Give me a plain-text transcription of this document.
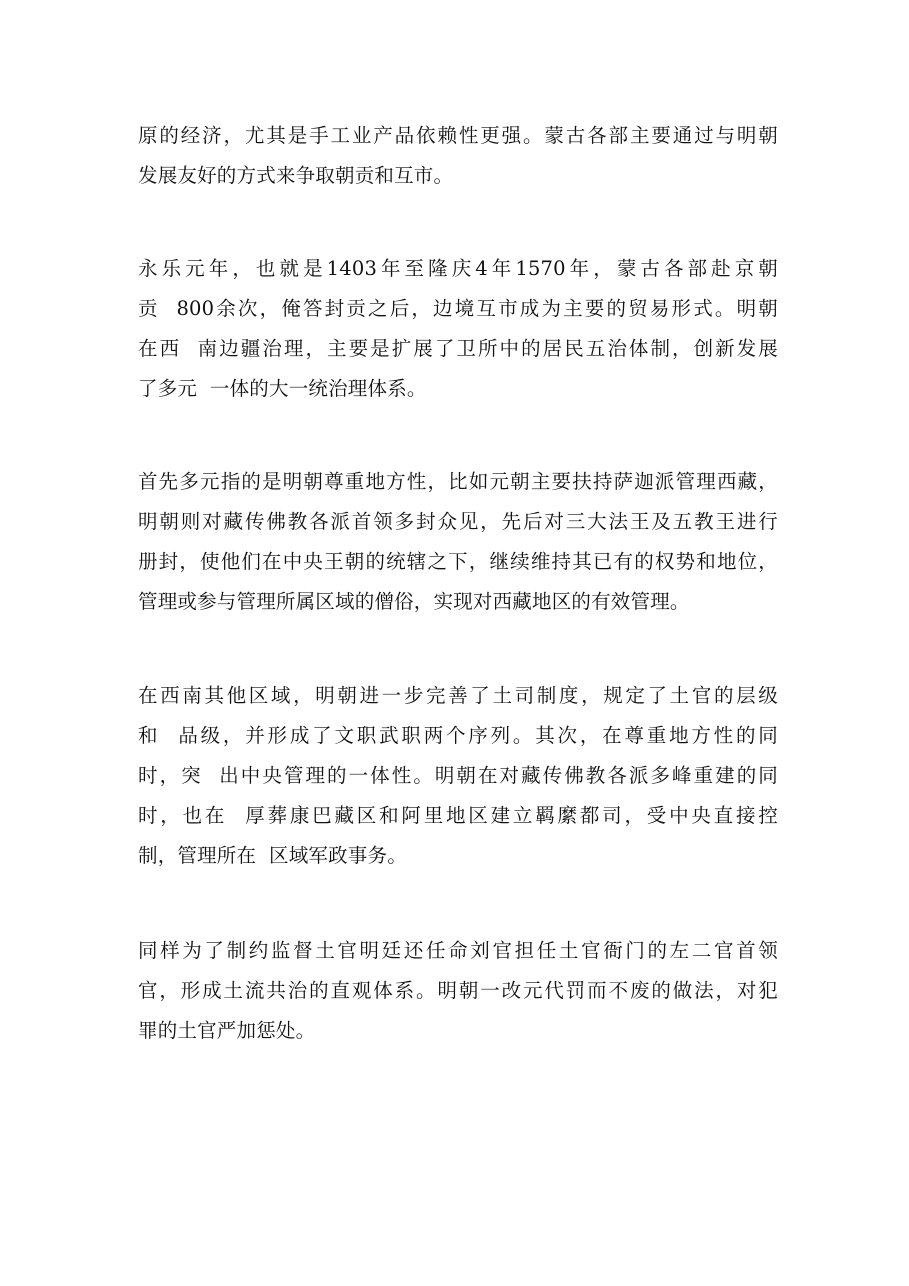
原的经济，尤其是手工业产品依赖性更强。蒙古各部主要通过与明朝
发展友好的方式来争取朝贡和互市。
永乐元年，也就是1403年至隆庆4年1570年，蒙古各部赴京朝
贡  800余次，俺答封贡之后，边境互市成为主要的贸易形式。明朝
在西  南边疆治理，主要是扩展了卫所中的居民五治体制，创新发展
了多元  一体的大一统治理体系。
首先多元指的是明朝尊重地方性，比如元朝主要扶持萨迦派管理西藏，
明朝则对藏传佛教各派首领多封众见，先后对三大法王及五教王进行
册封，使他们在中央王朝的统辖之下，继续维持其已有的权势和地位，
管理或参与管理所属区域的僧俗，实现对西藏地区的有效管理。
在西南其他区域，明朝进一步完善了土司制度，规定了土官的层级
和  品级，并形成了文职武职两个序列。其次，在尊重地方性的同
时，突  出中央管理的一体性。明朝在对藏传佛教各派多峰重建的同
时，也在  厚葬康巴藏区和阿里地区建立羁縻都司，受中央直接控
制，管理所在  区域军政事务。
同样为了制约监督土官明廷还任命刘官担任土官衙门的左二官首领
官，形成土流共治的直观体系。明朝一改元代罚而不废的做法，对犯
罪的土官严加惩处。
